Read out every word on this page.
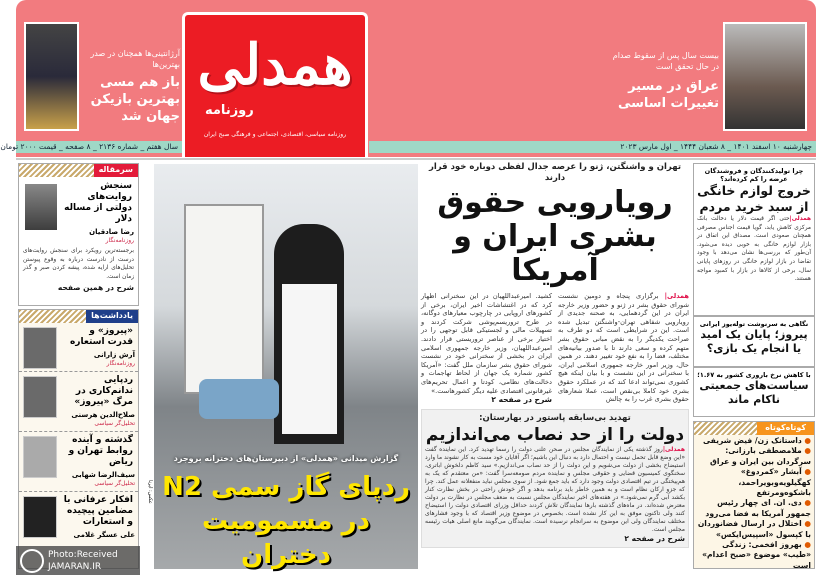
بیست سال پس از سقوط صدام در حال تحقق است
عراق در مسیر تغییرات اساسی
آرژانتینی‌ها همچنان در صدر بهترین‌ها
باز هم مسی بهترین بازیکن جهان شد
همدلی
روزنامه
روزنامه سیاسی، اقتصادی، اجتماعی و فرهنگی صبح ایران
چهارشنبه ۱۰ اسفند ۱۴۰۱ _ ۸ شعبان ۱۴۴۴ _ اول مارس ۲۰۲۳
سال هفتم _ شماره ۲۱۳۶ _ ۸ صفحه _ قیمت ۲۰۰۰ تومان
تهران و واشنگتن، ژنو را عرصه جدال لفظی دوباره خود قرار دارند
رویارویی حقوق بشری ایران و آمریکا
همدلی| برگزاری پنجاه و دومین نشست شورای حقوق بشر در ژنو و حضور وزیر خارجه ایران در این گردهمایی، به صحنه جدیدی از رویارویی شفاهی تهران-واشنگتن تبدیل شده است. این در شرایطی است که دو طرف به صراحت یکدیگر را به نقض مبانی حقوق بشر متهم کرده و سعی دارند تا با صدور بیانیه‌های مختلف، فضا را به نفع خود تغییر دهند. در همین حال، وزیر امور خارجه جمهوری اسلامی ایران، با سخنرانی در این نشست و با بیان اینکه هیچ کشوری نمی‌تواند ادعا کند که در عملکرد حقوق بشری خود کاملا بی‌نقص است، عملا شعارهای حقوق بشری غرب را به چالش
کشید. امیرعبداللهیان در این سخنرانی اظهار کرد که در اغتشاشات اخیر ایران، برخی از کشورهای اروپایی در چارچوب معیارهای دوگانه، در طرح تروریسم‌پوشی شرکت کردند و تسهیلات مالی و لجستیکی قابل توجهی را در اختیار برخی از عناصر تروریستی قرار دادند. امیرعبداللهیان، وزیر خارجه جمهوری اسلامی ایران در بخشی از سخنرانی خود در نشست شورای حقوق بشر سازمان ملل گفت: «آمریکا کشور شماره یک جهان از لحاظ تهاجمات و دخالت‌های نظامی، کودتا و اعمال تحریم‌های غیرقانونی اقتصادی علیه دیگر کشورهاست.»
شرح در صفحه ۲
تهدید بی‌سابقه پاستور در بهارستان:
دولت را از حد نصاب می‌اندازیم
همدلی|روز گذشته یکی از نمایندگان مجلس در صحن علنی دولت را رسما تهدید کرد. این نماینده گفت «این وضع قابل تحمل نیست و احتمال دارد به دنبال این باشیم؛ اگر آقایان خود مست به کار نشوند ما وارد استیضاح بخشی از دولت می‌شویم و این دولت را از حد نصاب می‌اندازیم.» سید کاظم دلخوش اباتری، سخنگوی کمیسیون قضایی و حقوقی مجلس و نماینده مردم صومعه‌سرا گفت: «من معتقدم که یک به هم‌پیختگی در تیم اقتصادی دولت وجود دارد که باید جمع شود. از سوی مجلس نباید منفعلانه عمل کند. چرا که جزو ارکان نظام است و به همین خاطر باید برنامه بدهد و اگر خودش راحتی در بخش نظارت کنار بکشد آبی گرم نمی‌شود.» در هفته‌های اخیر نمایندگان مجلس نسبت به ضعف مجلس در نظارت بر دولت معترض شده‌اند. در ماه‌های گذشته بارها نمایندگان تلاش کردند حداقل وزرای اقتصادی دولت را استیضاح کنند ولی تاکنون موفق به این کار نشده است. بخصوص در موضوع وزیر اقتصاد که با وجود فشارهای مختلف نمایندگان ولی این موضوع به سرانجام نرسیده است. نمایندگان می‌گویند مانع اصلی هیات رئیسه مجلس است.
شرح در صفحه ۲
گزارش میدانی «همدلی» از دبیرستان‌های دخترانه بروجرد
ردپای گاز سمی N2 در مسمومیت دختران
عکس: ایرنا
چرا تولیدکنندگان و فروشندگان عرضه را کم کرده‌اند؟
خروج لوازم خانگی از سبد خرید مردم
همدلی|حتی اگر قیمت دلار یا دخالت بانک مرکزی کاهش یابد، گویا قیمت اجناس مصرفی همچنان صعودی است. مصداق این اتفاق در بازار لوازم خانگی به خوبی دیده می‌شود. آن‌طور که بررسی‌ها نشان می‌دهد با وجود تقاضا در بازار لوازم خانگی در روزهای پایانی سال، برخی از کالاها در بازار با کمبود مواجه هستند.
نگاهی به سرنوشت توله‌یوز ایرانی
پیروز؛ پایان یک امید یا انجام یک بازی؟
با کاهش نرخ باروری کشور به ۱.۶۷؛
سیاست‌های جمعیتی ناکام ماند
کوتاه‌کوتاه
● داستانک زن/ فیض شریفی
● ملامصطفی بارزانی: سرگردان بین ایران و عراق
● آبشار «کمردوغ» کهگیلویه‌وبویراحمد، باشکوه‌ومرتفع
● دی. ان. ای چهار رئیس جمهور آمریکا به فضا می‌رود
● اختلال در ارسال فضانوردان با کپسول «اسپیس‌ایکس»
● بهروز افخمی: زندگی «طیب» موضوع «صبح اعدام» است
سرمقاله
سنجش روایت‌های دولتی از مساله دلار
رضا صادقیان
روزنامه‌نگار
برجسته‌ترین رویکرد برای سنجش روایت‌های درست از نادرست درباره به وقوع پیوستن تحلیل‌های ارایه شده، پیشه کردن صبر و گذر زمان است.
شرح در همین صفحه
یادداشت‌ها
«پیروز» و قدرت استعاره
آرش زارانی
روزنامه‌نگار
ردپایی ندانم‌کاری در مرگ «پیروز»
صلاح‌الدین هرسنی
تحلیل‌گر سیاسی
گذشته و آینده روابط تهران و ریاض
سیف‌الرضا شهابی
تحلیل‌گر سیاسی
افکار عرفانی با مضامین پیچیده و استعارات
علی عسگر غلامی
Photo:Received
JAMARAN.IR
